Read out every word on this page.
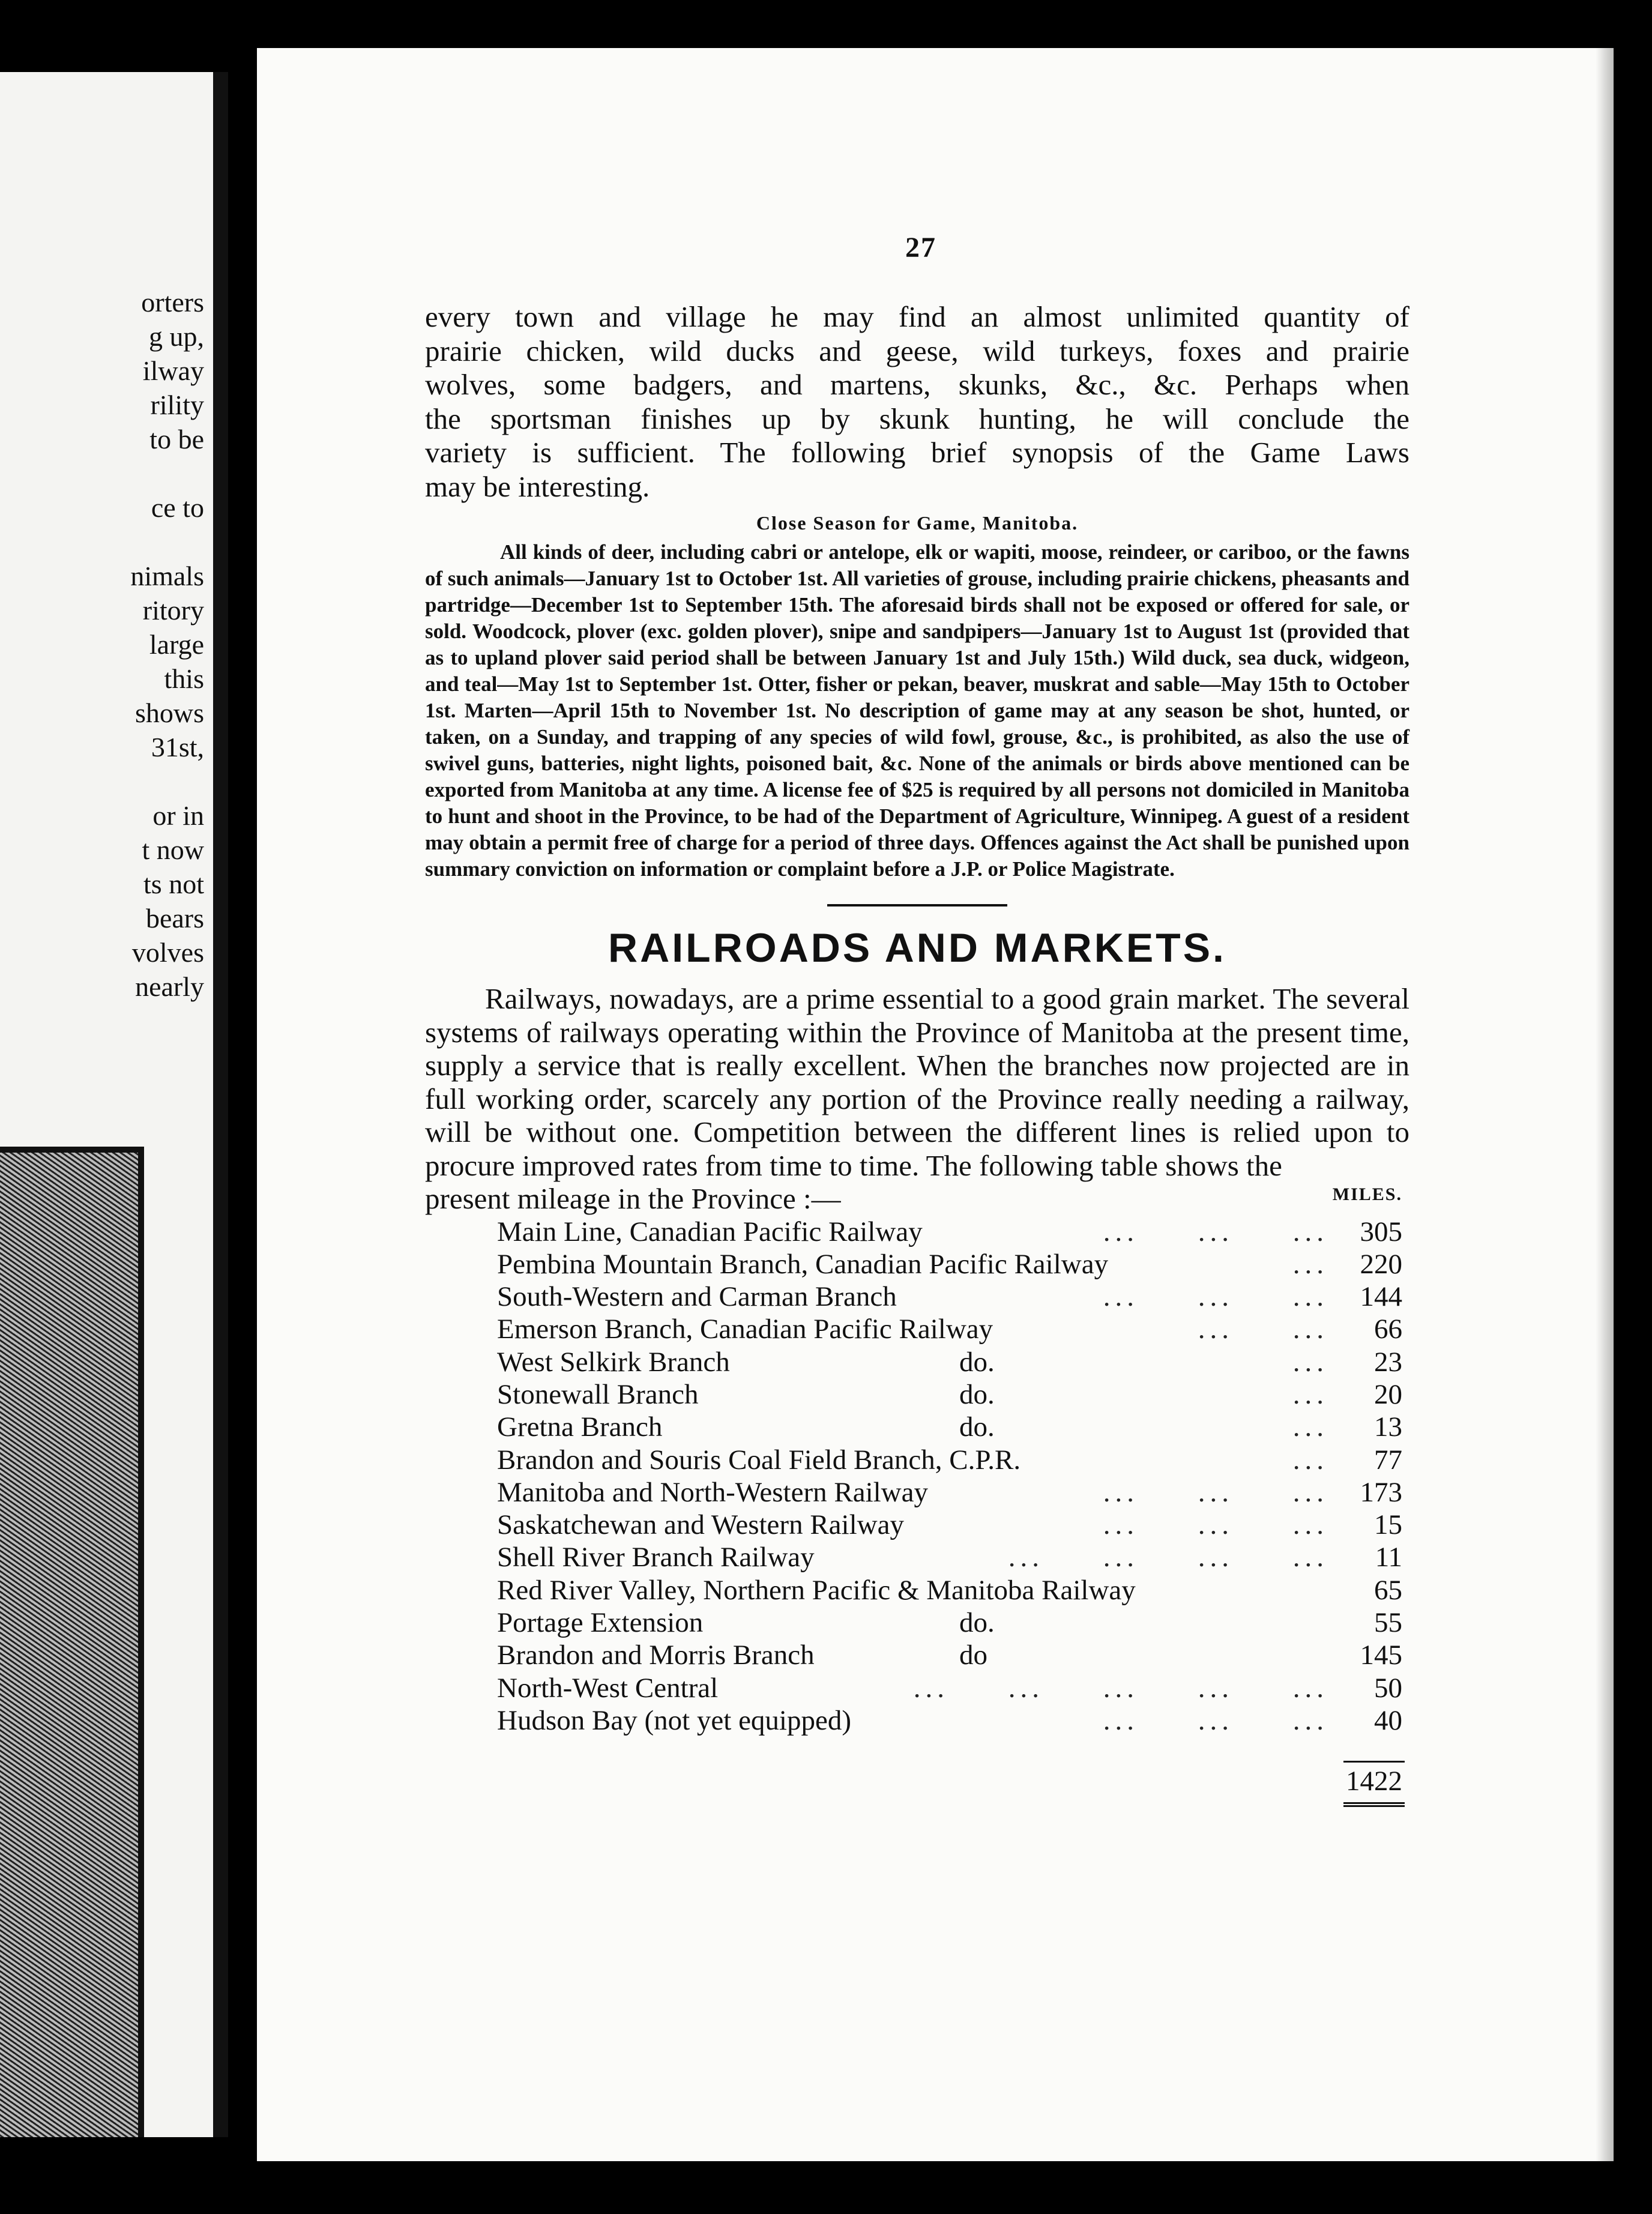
orters
g up,
ilway
rility
to be
ce to
nimals
ritory
large
this
shows
31st,
or in
t now
ts not
bears
volves
nearly
27

every town and village he may find an almost unlimited quantity of

prairie chicken, wild ducks and geese, wild turkeys, foxes and prairie

wolves, some badgers, and martens, skunks, &c., &c. Perhaps when

the sportsman finishes up by skunk hunting, he will conclude the

variety is sufficient. The following brief synopsis of the Game Laws

may be interesting.

Close Season for Game, Manitoba.

All kinds of deer, including cabri or antelope, elk or wapiti, moose, reindeer, or cariboo, or the fawns of such animals—January 1st to October 1st. All varieties of grouse, including prairie chickens, pheasants and partridge—December 1st to September 15th. The aforesaid birds shall not be exposed or offered for sale, or sold. Woodcock, plover (exc. golden plover), snipe and sandpipers—January 1st to August 1st (provided that as to upland plover said period shall be between January 1st and July 15th.) Wild duck, sea duck, widgeon, and teal—May 1st to September 1st. Otter, fisher or pekan, beaver, muskrat and sable—May 15th to October 1st. Marten—April 15th to November 1st. No description of game may at any season be shot, hunted, or taken, on a Sunday, and trapping of any species of wild fowl, grouse, &c., is prohibited, as also the use of swivel guns, batteries, night lights, poisoned bait, &c. None of the animals or birds above mentioned can be exported from Manitoba at any time. A license fee of $25 is required by all persons not domiciled in Manitoba to hunt and shoot in the Province, to be had of the Department of Agriculture, Winnipeg. A guest of a resident may obtain a permit free of charge for a period of three days. Offences against the Act shall be punished upon summary conviction on information or complaint before a J.P. or Police Magistrate.

RAILROADS AND MARKETS.

Railways, nowadays, are a prime essential to a good grain market. The several systems of railways operating within the Province of Manitoba at the present time, supply a service that is really excellent. When the branches now projected are in full working order, scarcely any portion of the Province really needing a railway, will be without one. Competition between the different lines is relied upon to procure improved rates from time to time. The following table shows the

present mileage in the Province :—	MILES.
Main Line, Canadian Pacific Railway	...     ...     ...	305
Pembina Mountain Branch, Canadian Pacific Railway	...	220
South-Western and Carman Branch	...     ...     ...	144
Emerson Branch, Canadian Pacific Railway	...     ...	66
West Selkirk Branch	do.	...	23
Stonewall Branch	do.	...	20
Gretna Branch	do.	...	13
Brandon and Souris Coal Field Branch, C.P.R.	...	77
Manitoba and North-Western Railway	...     ...     ...	173
Saskatchewan and Western Railway	...     ...     ...	15
Shell River Branch Railway	...     ...     ...     ...	11
Red River Valley, Northern Pacific & Manitoba Railway	65
Portage Extension	do.	55
Brandon and Morris Branch	do	145
North-West Central	...     ...     ...     ...     ...	50
Hudson Bay (not yet equipped)	...     ...     ...	40
1422
